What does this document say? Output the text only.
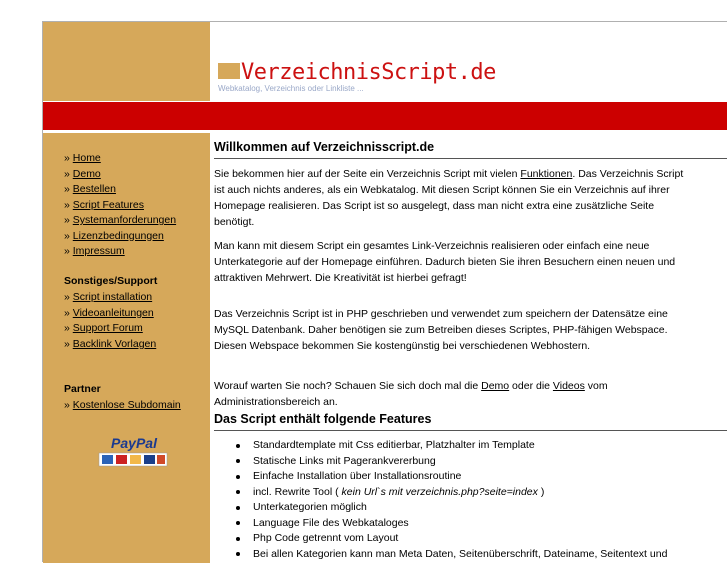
VerzeichnisScript.de
Webkatalog, Verzeichnis oder Linkliste ...
» Home
» Demo
» Bestellen
» Script Features
» Systemanforderungen
» Lizenzbedingungen
» Impressum
Sonstiges/Support
» Script installation
» Videoanleitungen
» Support Forum
» Backlink Vorlagen
Partner
» Kostenlose Subdomain
PayPal
Willkommen auf Verzeichnisscript.de
Sie bekommen hier auf der Seite ein Verzeichnis Script mit vielen Funktionen. Das Verzeichnis Script ist auch nichts anderes, als ein Webkatalog. Mit diesen Script können Sie ein Verzeichnis auf ihrer Homepage realisieren. Das Script ist so ausgelegt, dass man nicht extra eine zusätzliche Seite benötigt.
Man kann mit diesem Script ein gesamtes Link-Verzeichnis realisieren oder einfach eine neue Unterkategorie auf der Homepage einführen. Dadurch bieten Sie ihren Besuchern einen neuen und attraktiven Mehrwert. Die Kreativität ist hierbei gefragt!
Das Verzeichnis Script ist in PHP geschrieben und verwendet zum speichern der Datensätze eine MySQL Datenbank. Daher benötigen sie zum Betreiben dieses Scriptes, PHP-fähigen Webspace. Diesen Webspace bekommen Sie kostengünstig bei verschiedenen Webhostern.
Worauf warten Sie noch? Schauen Sie sich doch mal die Demo oder die Videos vom Administrationsbereich an.
Das Script enthält folgende Features
Standardtemplate mit Css editierbar, Platzhalter im Template
Statische Links mit Pagerankvererbung
Einfache Installation über Installationsroutine
incl. Rewrite Tool ( kein Url`s mit verzeichnis.php?seite=index )
Unterkategorien möglich
Language File des Webkataloges
Php Code getrennt vom Layout
Bei allen Kategorien kann man Meta Daten, Seitenüberschrift, Dateiname, Seitentext und
